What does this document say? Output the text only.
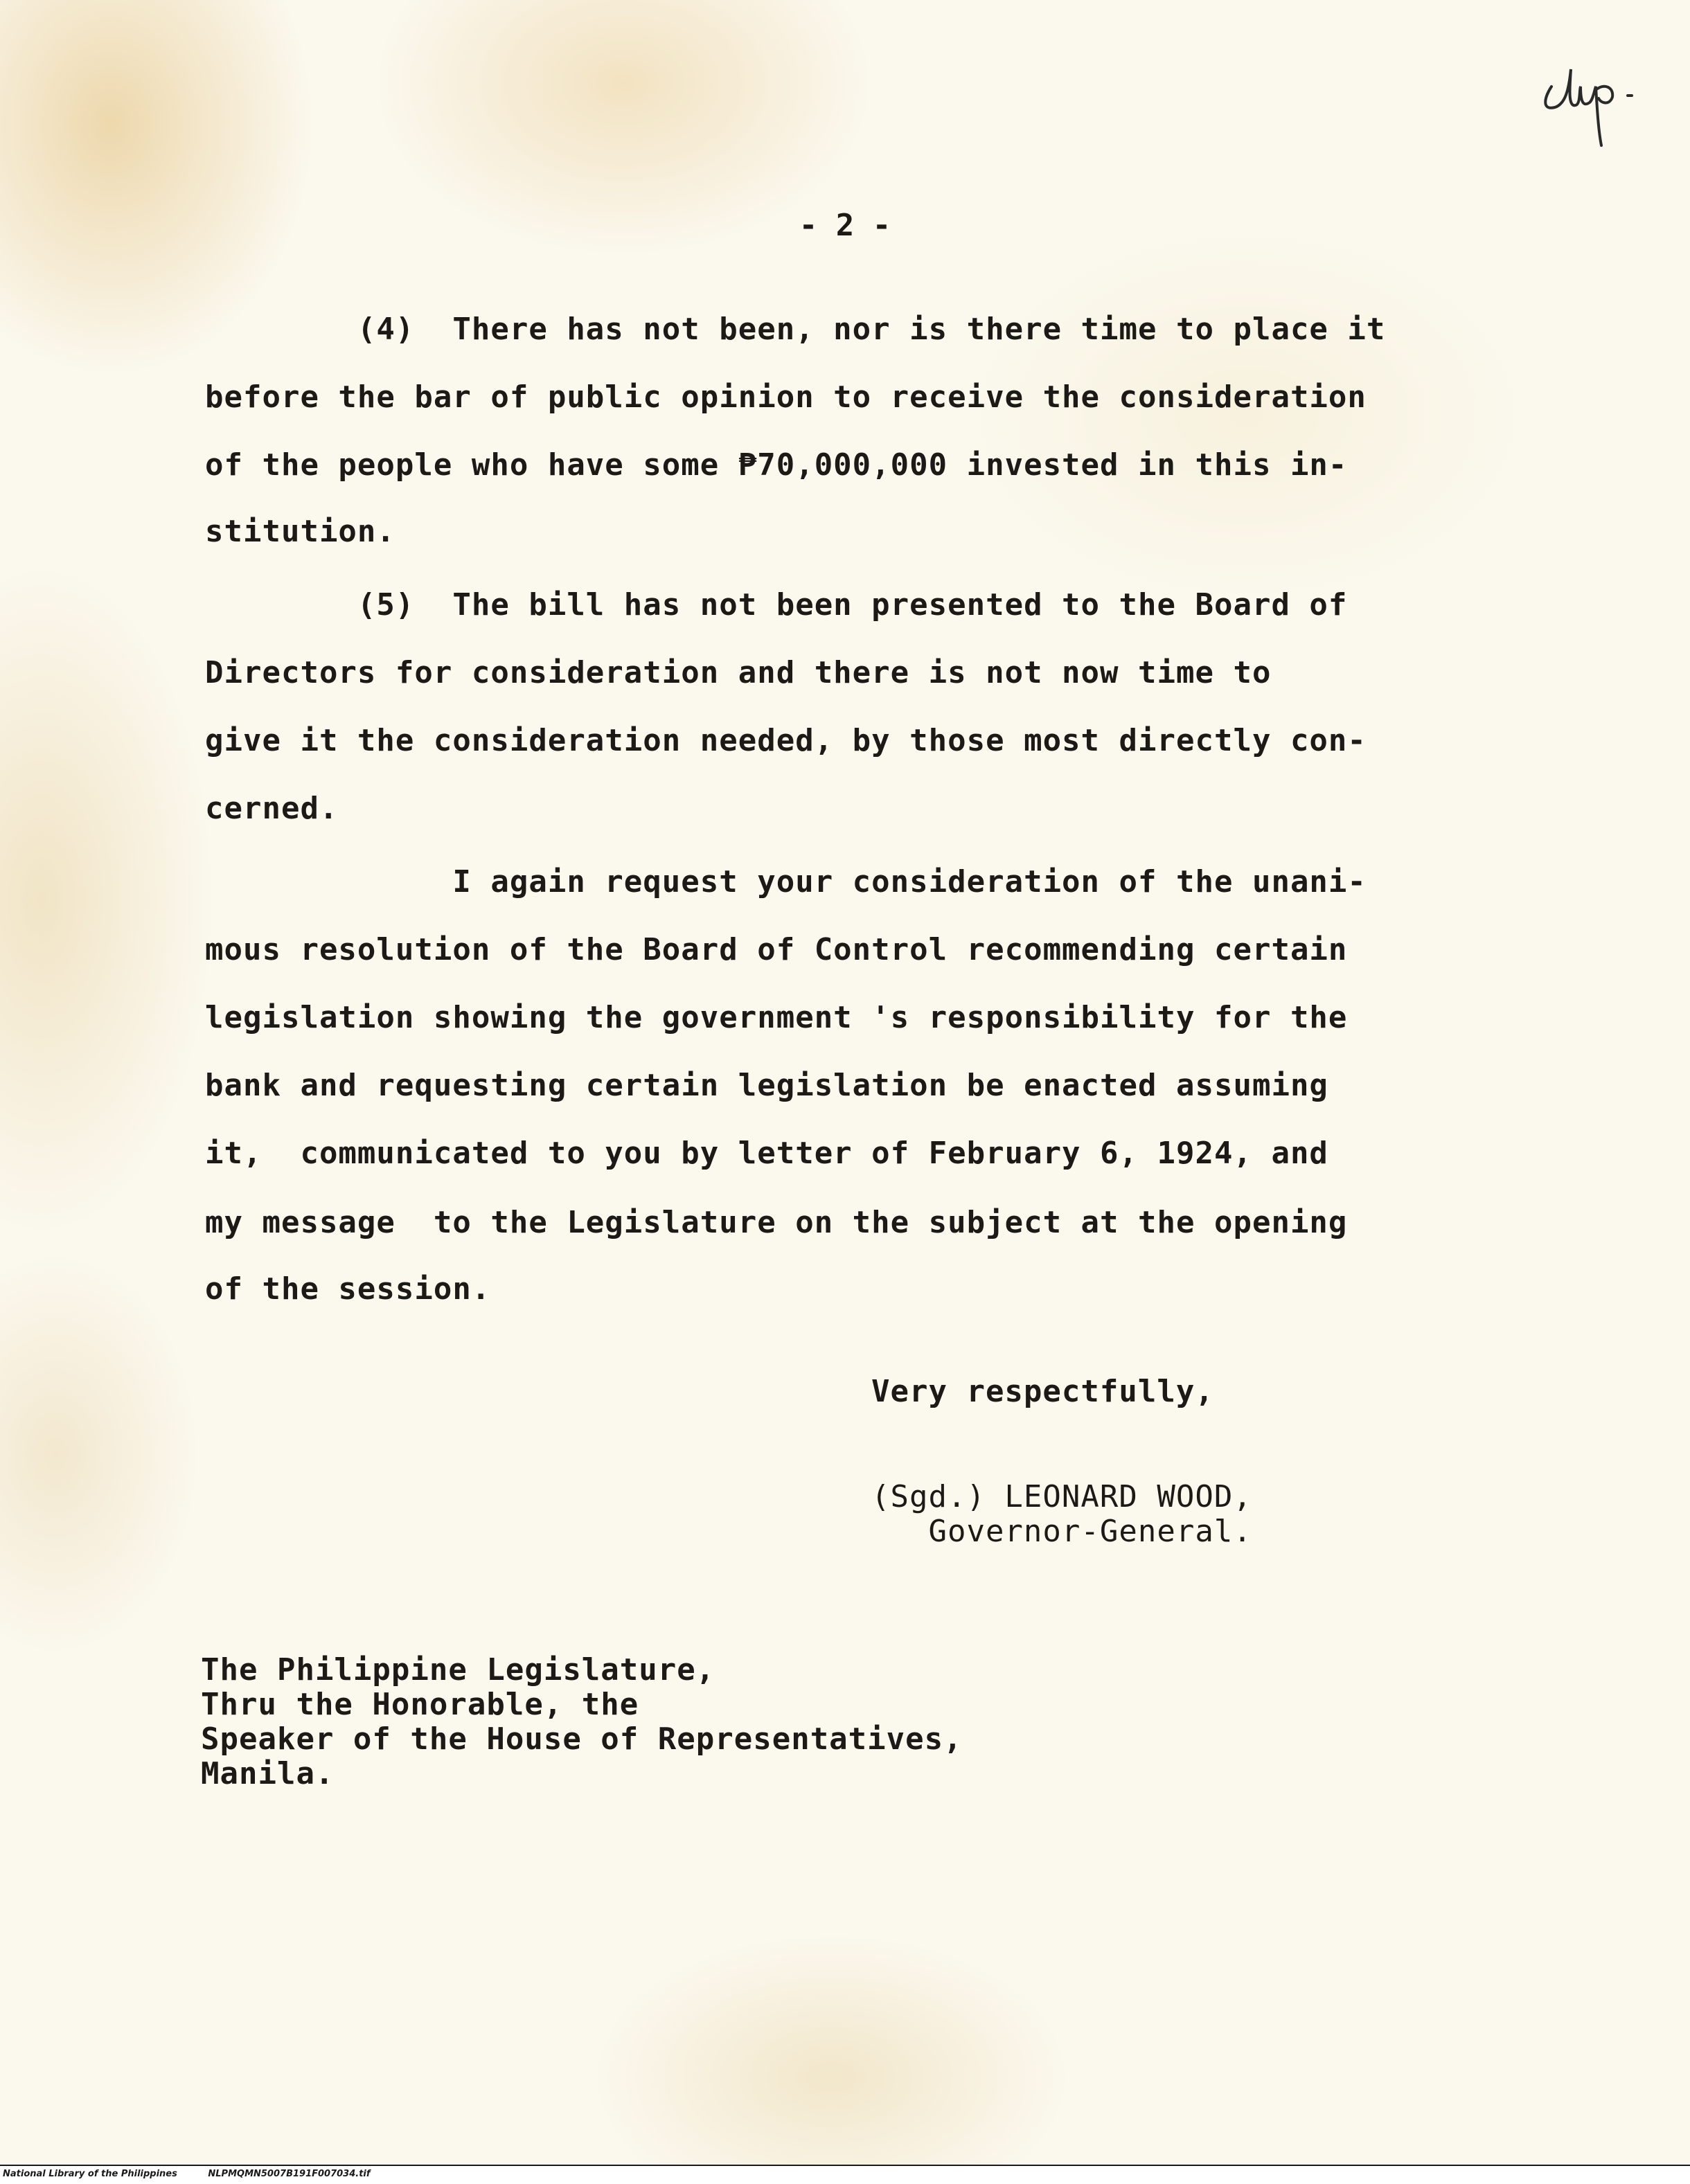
- 2 -
(4)  There has not been, nor is there time to place it
before the bar of public opinion to receive the consideration
of the people who have some ₱70,000,000 invested in this in-
stitution.
(5)  The bill has not been presented to the Board of
Directors for consideration and there is not now time to
give it the consideration needed, by those most directly con-
cerned.
I again request your consideration of the unani-
mous resolution of the Board of Control recommending certain
legislation showing the government 's responsibility for the
bank and requesting certain legislation be enacted assuming
it,  communicated to you by letter of February 6, 1924, and
my message  to the Legislature on the subject at the opening
of the session.
Very respectfully,
(Sgd.) LEONARD WOOD,
Governor-General.
The Philippine Legislature,
Thru the Honorable, the
Speaker of the House of Representatives,
Manila.
National Library of the Philippines	NLPMQMN5007B191F007034.tif
